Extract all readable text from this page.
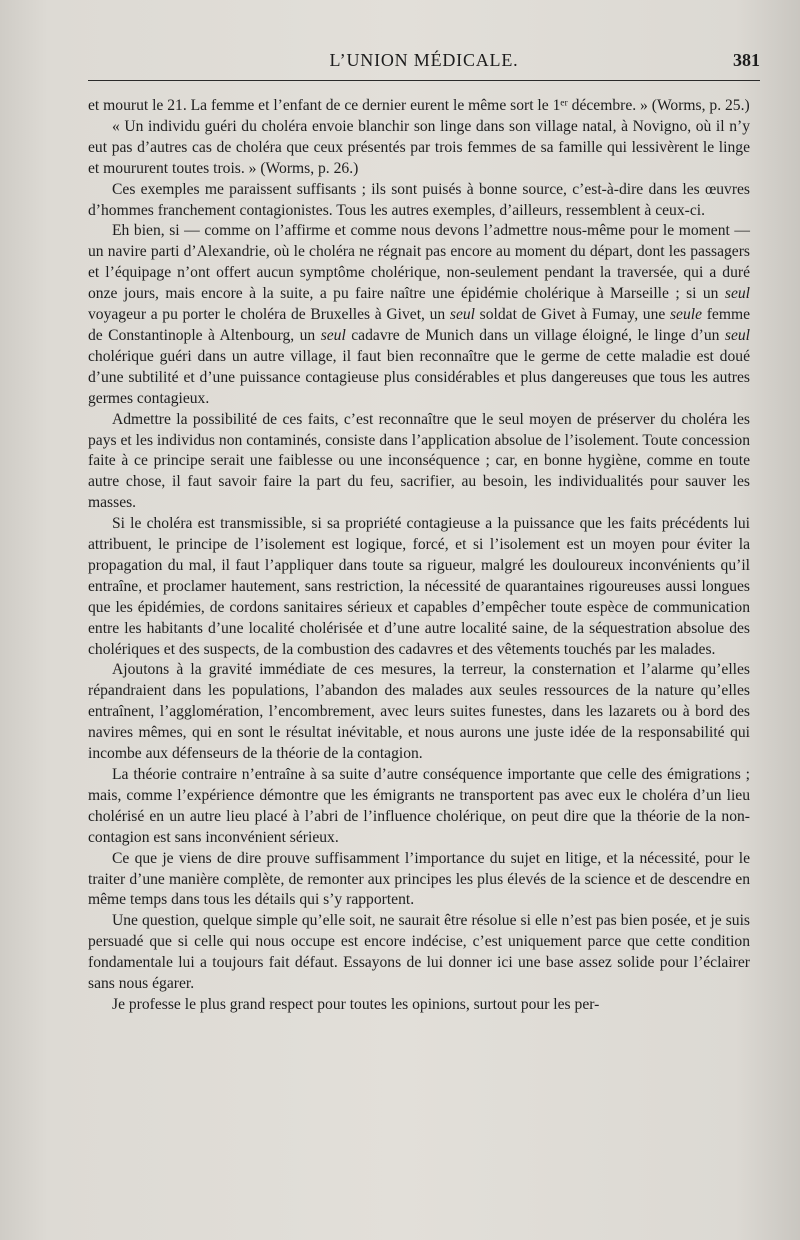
L’UNION MÉDICALE.	381

et mourut le 21. La femme et l’enfant de ce dernier eurent le même sort le 1ᵉʳ décembre. » (Worms, p. 25.)

« Un individu guéri du choléra envoie blanchir son linge dans son village natal, à Novigno, où il n’y eut pas d’autres cas de choléra que ceux présentés par trois femmes de sa famille qui lessivèrent le linge et moururent toutes trois. » (Worms, p. 26.)

Ces exemples me paraissent suffisants ; ils sont puisés à bonne source, c’est-à-dire dans les œuvres d’hommes franchement contagionistes. Tous les autres exemples, d’ailleurs, ressemblent à ceux-ci.

Eh bien, si — comme on l’affirme et comme nous devons l’admettre nous-même pour le moment — un navire parti d’Alexandrie, où le choléra ne régnait pas encore au moment du départ, dont les passagers et l’équipage n’ont offert aucun symptôme cholérique, non-seulement pendant la traversée, qui a duré onze jours, mais encore à la suite, a pu faire naître une épidémie cholérique à Marseille ; si un seul voyageur a pu porter le choléra de Bruxelles à Givet, un seul soldat de Givet à Fumay, une seule femme de Constantinople à Altenbourg, un seul cadavre de Munich dans un village éloigné, le linge d’un seul cholérique guéri dans un autre village, il faut bien reconnaître que le germe de cette maladie est doué d’une subtilité et d’une puissance contagieuse plus considérables et plus dangereuses que tous les autres germes contagieux.

Admettre la possibilité de ces faits, c’est reconnaître que le seul moyen de préserver du choléra les pays et les individus non contaminés, consiste dans l’application absolue de l’isolement. Toute concession faite à ce principe serait une faiblesse ou une inconséquence ; car, en bonne hygiène, comme en toute autre chose, il faut savoir faire la part du feu, sacrifier, au besoin, les individualités pour sauver les masses.

Si le choléra est transmissible, si sa propriété contagieuse a la puissance que les faits précédents lui attribuent, le principe de l’isolement est logique, forcé, et si l’isolement est un moyen pour éviter la propagation du mal, il faut l’appliquer dans toute sa rigueur, malgré les douloureux inconvénients qu’il entraîne, et proclamer hautement, sans restriction, la nécessité de quarantaines rigoureuses aussi longues que les épidémies, de cordons sanitaires sérieux et capables d’empêcher toute espèce de communication entre les habitants d’une localité cholérisée et d’une autre localité saine, de la séquestration absolue des cholériques et des suspects, de la combustion des cadavres et des vêtements touchés par les malades.

Ajoutons à la gravité immédiate de ces mesures, la terreur, la consternation et l’alarme qu’elles répandraient dans les populations, l’abandon des malades aux seules ressources de la nature qu’elles entraînent, l’agglomération, l’encombrement, avec leurs suites funestes, dans les lazarets ou à bord des navires mêmes, qui en sont le résultat inévitable, et nous aurons une juste idée de la responsabilité qui incombe aux défenseurs de la théorie de la contagion.

La théorie contraire n’entraîne à sa suite d’autre conséquence importante que celle des émigrations ; mais, comme l’expérience démontre que les émigrants ne transportent pas avec eux le choléra d’un lieu cholérisé en un autre lieu placé à l’abri de l’influence cholérique, on peut dire que la théorie de la non-contagion est sans inconvénient sérieux.

Ce que je viens de dire prouve suffisamment l’importance du sujet en litige, et la nécessité, pour le traiter d’une manière complète, de remonter aux principes les plus élevés de la science et de descendre en même temps dans tous les détails qui s’y rapportent.

Une question, quelque simple qu’elle soit, ne saurait être résolue si elle n’est pas bien posée, et je suis persuadé que si celle qui nous occupe est encore indécise, c’est uniquement parce que cette condition fondamentale lui a toujours fait défaut. Essayons de lui donner ici une base assez solide pour l’éclairer sans nous égarer.

Je professe le plus grand respect pour toutes les opinions, surtout pour les per-
